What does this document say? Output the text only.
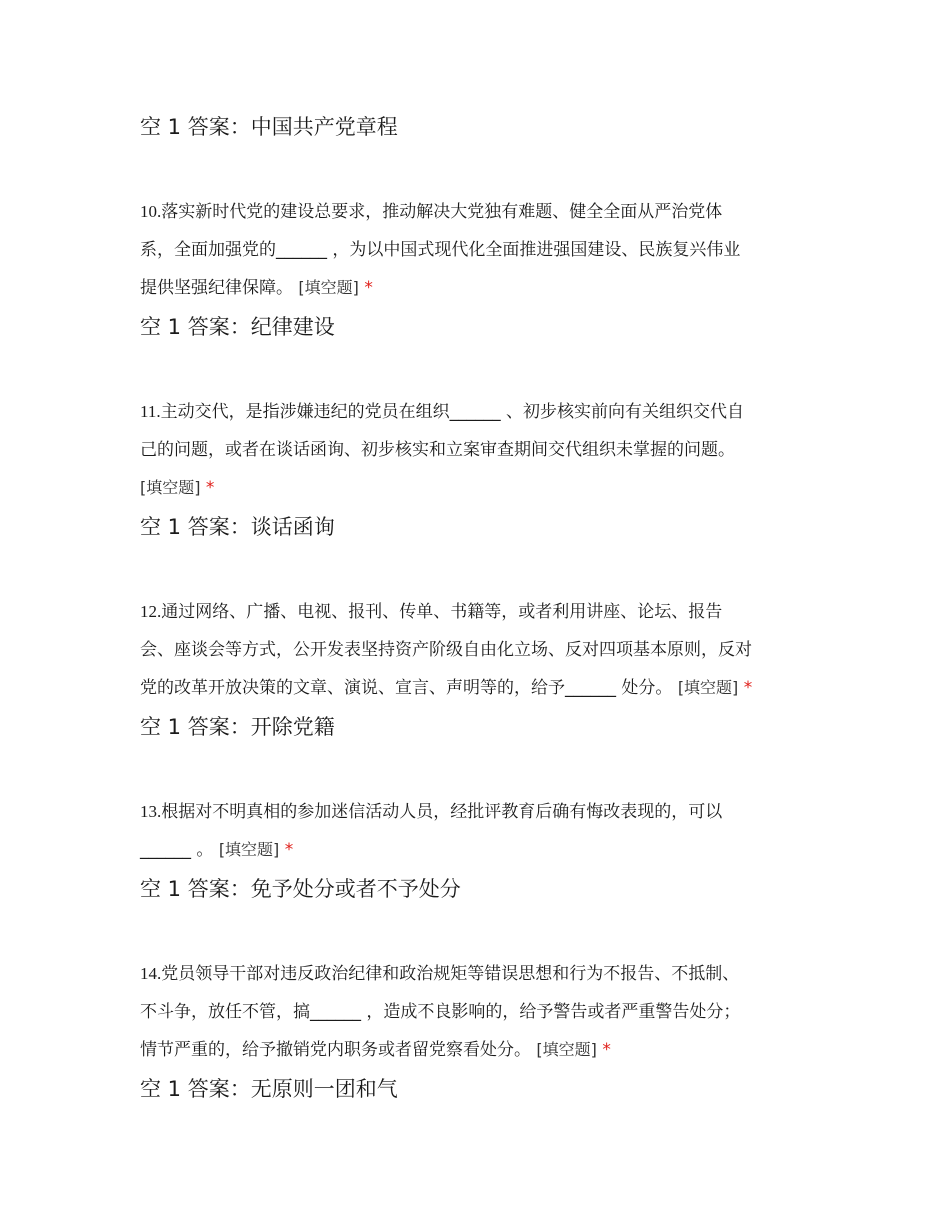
空 1 答案：中国共产党章程
10.落实新时代党的建设总要求，推动解决大党独有难题、健全全面从严治党体
系，全面加强党的______ ，为以中国式现代化全面推进强国建设、民族复兴伟业
提供坚强纪律保障。 [填空题] *
空 1 答案：纪律建设
11.主动交代，是指涉嫌违纪的党员在组织______ 、初步核实前向有关组织交代自
己的问题，或者在谈话函询、初步核实和立案审查期间交代组织未掌握的问题。
[填空题] *
空 1 答案：谈话函询
12.通过网络、广播、电视、报刊、传单、书籍等，或者利用讲座、论坛、报告
会、座谈会等方式，公开发表坚持资产阶级自由化立场、反对四项基本原则，反对
党的改革开放决策的文章、演说、宣言、声明等的，给予______ 处分。 [填空题] *
空 1 答案：开除党籍
13.根据对不明真相的参加迷信活动人员，经批评教育后确有悔改表现的，可以
______ 。 [填空题] *
空 1 答案：免予处分或者不予处分
14.党员领导干部对违反政治纪律和政治规矩等错误思想和行为不报告、不抵制、
不斗争，放任不管，搞______ ，造成不良影响的，给予警告或者严重警告处分；
情节严重的，给予撤销党内职务或者留党察看处分。 [填空题] *
空 1 答案：无原则一团和气
